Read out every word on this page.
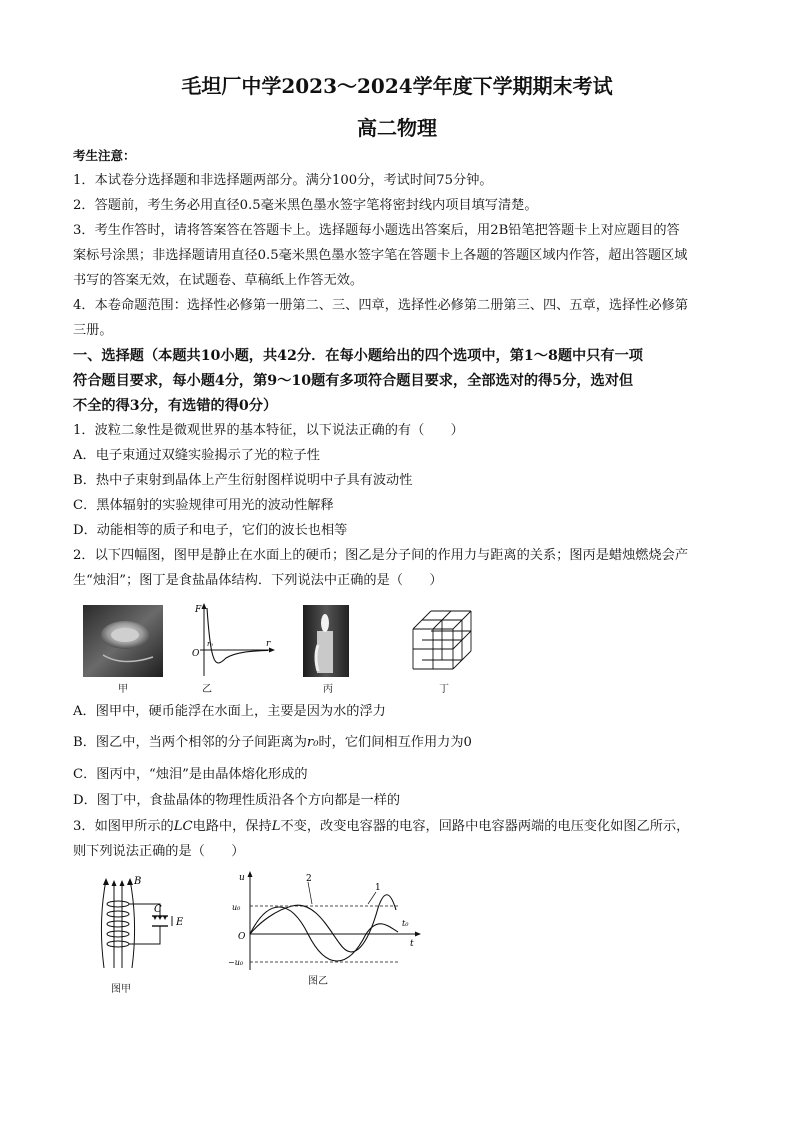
毛坦厂中学2023～2024学年度下学期期末考试
高二物理
考生注意：
1．本试卷分选择题和非选择题两部分。满分100分，考试时间75分钟。
2．答题前，考生务必用直径0.5毫米黑色墨水签字笔将密封线内项目填写清楚。
3．考生作答时，请将答案答在答题卡上。选择题每小题选出答案后，用2B铅笔把答题卡上对应题目的答
案标号涂黑；非选择题请用直径0.5毫米黑色墨水签字笔在答题卡上各题的答题区域内作答，超出答题区域
书写的答案无效，在试题卷、草稿纸上作答无效。
4．本卷命题范围：选择性必修第一册第二、三、四章，选择性必修第二册第三、四、五章，选择性必修第
三册。
一、选择题（本题共10小题，共42分．在每小题给出的四个选项中，第1～8题中只有一项
符合题目要求，每小题4分，第9～10题有多项符合题目要求，全部选对的得5分，选对但
不全的得3分，有选错的得0分）
1．波粒二象性是微观世界的基本特征，以下说法正确的有（　　）
A．电子束通过双缝实验揭示了光的粒子性
B．热中子束射到晶体上产生衍射图样说明中子具有波动性
C．黑体辐射的实验规律可用光的波动性解释
D．动能相等的质子和电子，它们的波长也相等
2．以下四幅图，图甲是静止在水面上的硬币；图乙是分子间的作用力与距离的关系；图丙是蜡烛燃烧会产
生“烛泪”；图丁是食盐晶体结构．下列说法中正确的是（　　）
甲
F
O
r₀	r
乙	丙	丁
A．图甲中，硬币能浮在水面上，主要是因为水的浮力
B．图乙中，当两个相邻的分子间距离为r₀时，它们间相互作用力为0
C．图丙中，“烛泪”是由晶体熔化形成的
D．图丁中，食盐晶体的物理性质沿各个方向都是一样的
3．如图甲所示的LC电路中，保持L不变，改变电容器的电容，回路中电容器两端的电压变化如图乙所示，
则下列说法正确的是（　　）
B
C
E
图甲
u
u₀
O
−u₀
2
1
t₀
t
图乙
